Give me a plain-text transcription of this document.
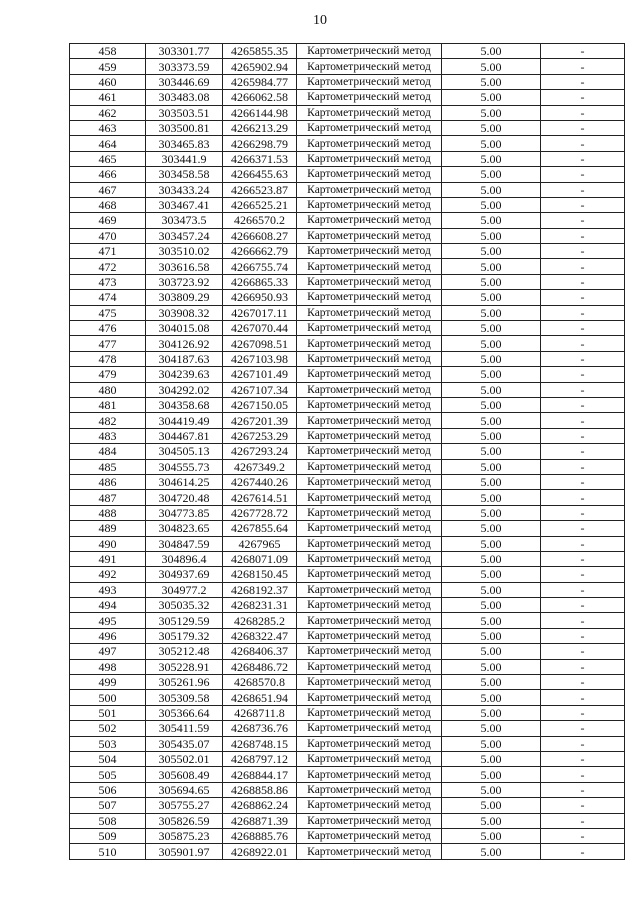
10
458	303301.77	4265855.35	Картометрический метод	5.00	-
459	303373.59	4265902.94	Картометрический метод	5.00	-
460	303446.69	4265984.77	Картометрический метод	5.00	-
461	303483.08	4266062.58	Картометрический метод	5.00	-
462	303503.51	4266144.98	Картометрический метод	5.00	-
463	303500.81	4266213.29	Картометрический метод	5.00	-
464	303465.83	4266298.79	Картометрический метод	5.00	-
465	303441.9	4266371.53	Картометрический метод	5.00	-
466	303458.58	4266455.63	Картометрический метод	5.00	-
467	303433.24	4266523.87	Картометрический метод	5.00	-
468	303467.41	4266525.21	Картометрический метод	5.00	-
469	303473.5	4266570.2	Картометрический метод	5.00	-
470	303457.24	4266608.27	Картометрический метод	5.00	-
471	303510.02	4266662.79	Картометрический метод	5.00	-
472	303616.58	4266755.74	Картометрический метод	5.00	-
473	303723.92	4266865.33	Картометрический метод	5.00	-
474	303809.29	4266950.93	Картометрический метод	5.00	-
475	303908.32	4267017.11	Картометрический метод	5.00	-
476	304015.08	4267070.44	Картометрический метод	5.00	-
477	304126.92	4267098.51	Картометрический метод	5.00	-
478	304187.63	4267103.98	Картометрический метод	5.00	-
479	304239.63	4267101.49	Картометрический метод	5.00	-
480	304292.02	4267107.34	Картометрический метод	5.00	-
481	304358.68	4267150.05	Картометрический метод	5.00	-
482	304419.49	4267201.39	Картометрический метод	5.00	-
483	304467.81	4267253.29	Картометрический метод	5.00	-
484	304505.13	4267293.24	Картометрический метод	5.00	-
485	304555.73	4267349.2	Картометрический метод	5.00	-
486	304614.25	4267440.26	Картометрический метод	5.00	-
487	304720.48	4267614.51	Картометрический метод	5.00	-
488	304773.85	4267728.72	Картометрический метод	5.00	-
489	304823.65	4267855.64	Картометрический метод	5.00	-
490	304847.59	4267965	Картометрический метод	5.00	-
491	304896.4	4268071.09	Картометрический метод	5.00	-
492	304937.69	4268150.45	Картометрический метод	5.00	-
493	304977.2	4268192.37	Картометрический метод	5.00	-
494	305035.32	4268231.31	Картометрический метод	5.00	-
495	305129.59	4268285.2	Картометрический метод	5.00	-
496	305179.32	4268322.47	Картометрический метод	5.00	-
497	305212.48	4268406.37	Картометрический метод	5.00	-
498	305228.91	4268486.72	Картометрический метод	5.00	-
499	305261.96	4268570.8	Картометрический метод	5.00	-
500	305309.58	4268651.94	Картометрический метод	5.00	-
501	305366.64	4268711.8	Картометрический метод	5.00	-
502	305411.59	4268736.76	Картометрический метод	5.00	-
503	305435.07	4268748.15	Картометрический метод	5.00	-
504	305502.01	4268797.12	Картометрический метод	5.00	-
505	305608.49	4268844.17	Картометрический метод	5.00	-
506	305694.65	4268858.86	Картометрический метод	5.00	-
507	305755.27	4268862.24	Картометрический метод	5.00	-
508	305826.59	4268871.39	Картометрический метод	5.00	-
509	305875.23	4268885.76	Картометрический метод	5.00	-
510	305901.97	4268922.01	Картометрический метод	5.00	-
